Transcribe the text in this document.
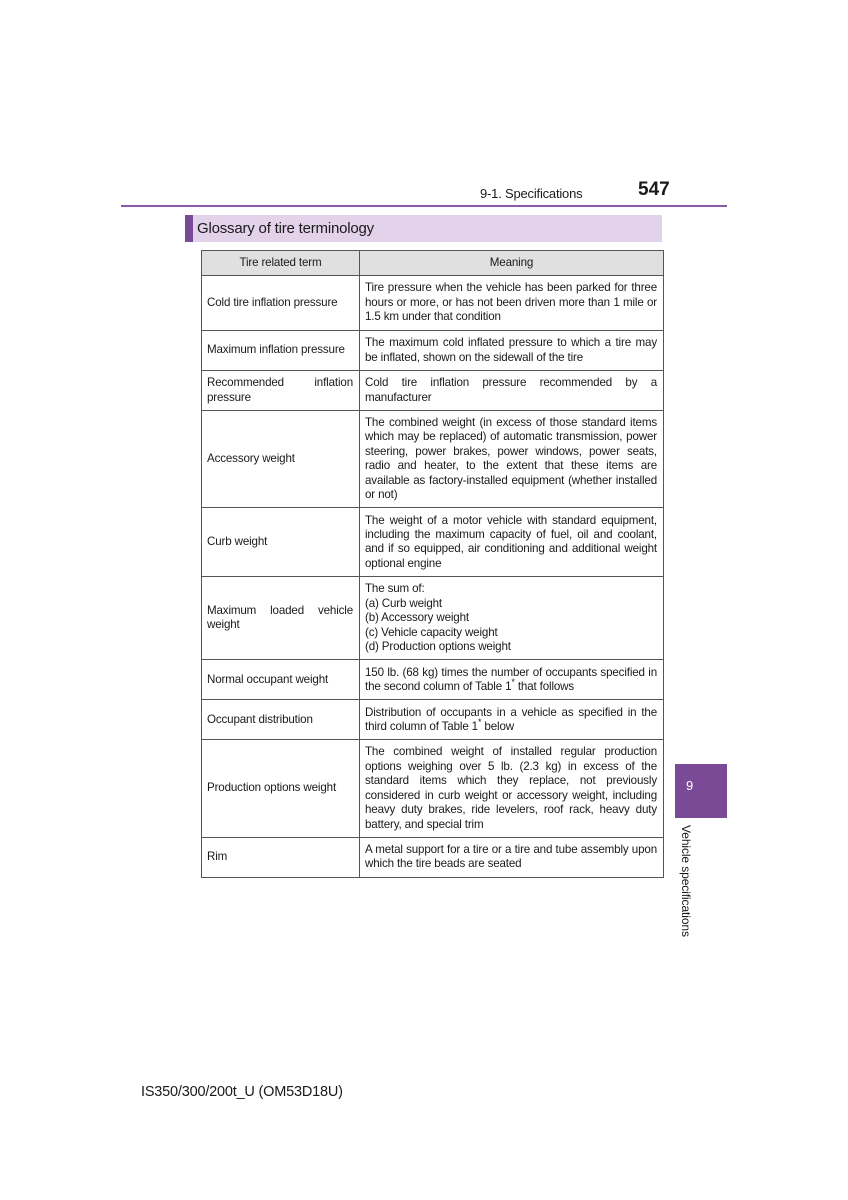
9-1. Specifications	547
Glossary of tire terminology
Tire related term	Meaning
Cold tire inflation pressure	Tire pressure when the vehicle has been parked for three hours or more, or has not been driven more than 1 mile or 1.5 km under that condition
Maximum inflation pressure	The maximum cold inflated pressure to which a tire may be inflated, shown on the sidewall of the tire
Recommended inflation pressure	Cold tire inflation pressure recommended by a manufacturer
Accessory weight	The combined weight (in excess of those standard items which may be replaced) of automatic transmission, power steering, power brakes, power windows, power seats, radio and heater, to the extent that these items are available as factory-installed equipment (whether installed or not)
Curb weight	The weight of a motor vehicle with standard equipment, including the maximum capacity of fuel, oil and coolant, and if so equipped, air conditioning and additional weight optional engine
Maximum loaded vehicle weight	The sum of:
(a) Curb weight
(b) Accessory weight
(c) Vehicle capacity weight
(d) Production options weight
Normal occupant weight	150 lb. (68 kg) times the number of occupants specified in the second column of Table 1* that follows
Occupant distribution	Distribution of occupants in a vehicle as specified in the third column of Table 1* below
Production options weight	The combined weight of installed regular production options weighing over 5 lb. (2.3 kg) in excess of the standard items which they replace, not previously considered in curb weight or accessory weight, including heavy duty brakes, ride levelers, roof rack, heavy duty battery, and special trim
Rim	A metal support for a tire or a tire and tube assembly upon which the tire beads are seated
9
Vehicle specifications
IS350/300/200t_U (OM53D18U)
